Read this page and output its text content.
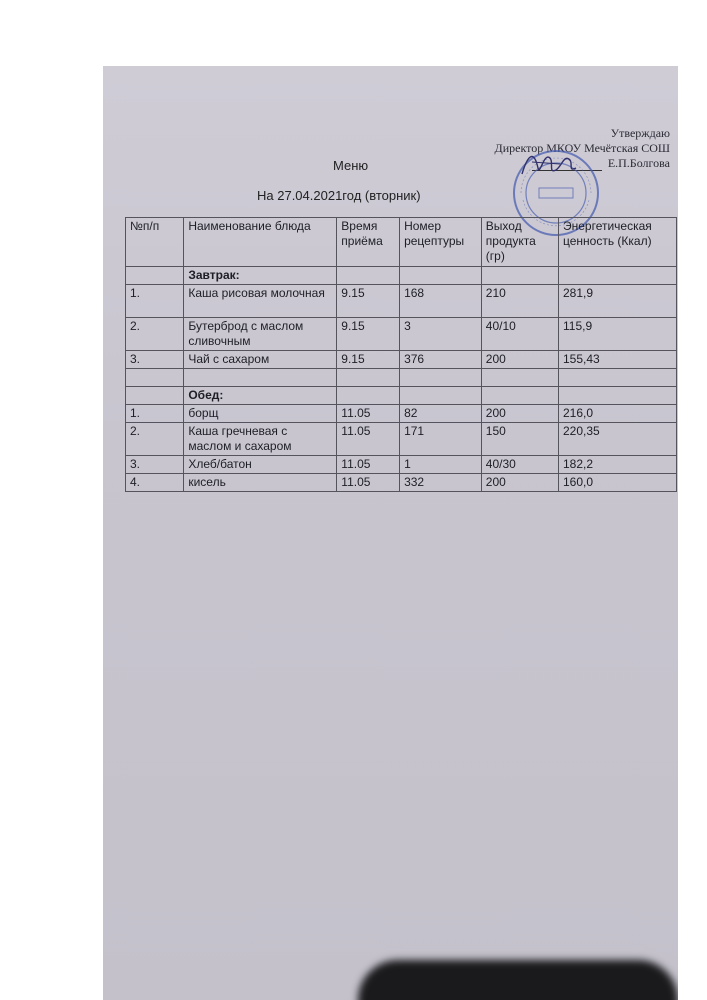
Утверждаю
Директор МКОУ Мечётская СОШ
Е.П.Болгова
Меню
На 27.04.2021год (вторник)
№п/п	Наименование блюда	Время приёма	Номер рецептуры	Выход продукта (гр)	Энергетическая ценность (Ккал)
	Завтрак:				
1.	Каша рисовая молочная	9.15	168	210	281,9
2.	Бутерброд с маслом сливочным	9.15	3	40/10	115,9
3.	Чай с сахаром	9.15	376	200	155,43

	Обед:				
1.	борщ	11.05	82	200	216,0
2.	Каша гречневая с маслом и сахаром	11.05	171	150	220,35
3.	Хлеб/батон	11.05	1	40/30	182,2
4.	кисель	11.05	332	200	160,0
